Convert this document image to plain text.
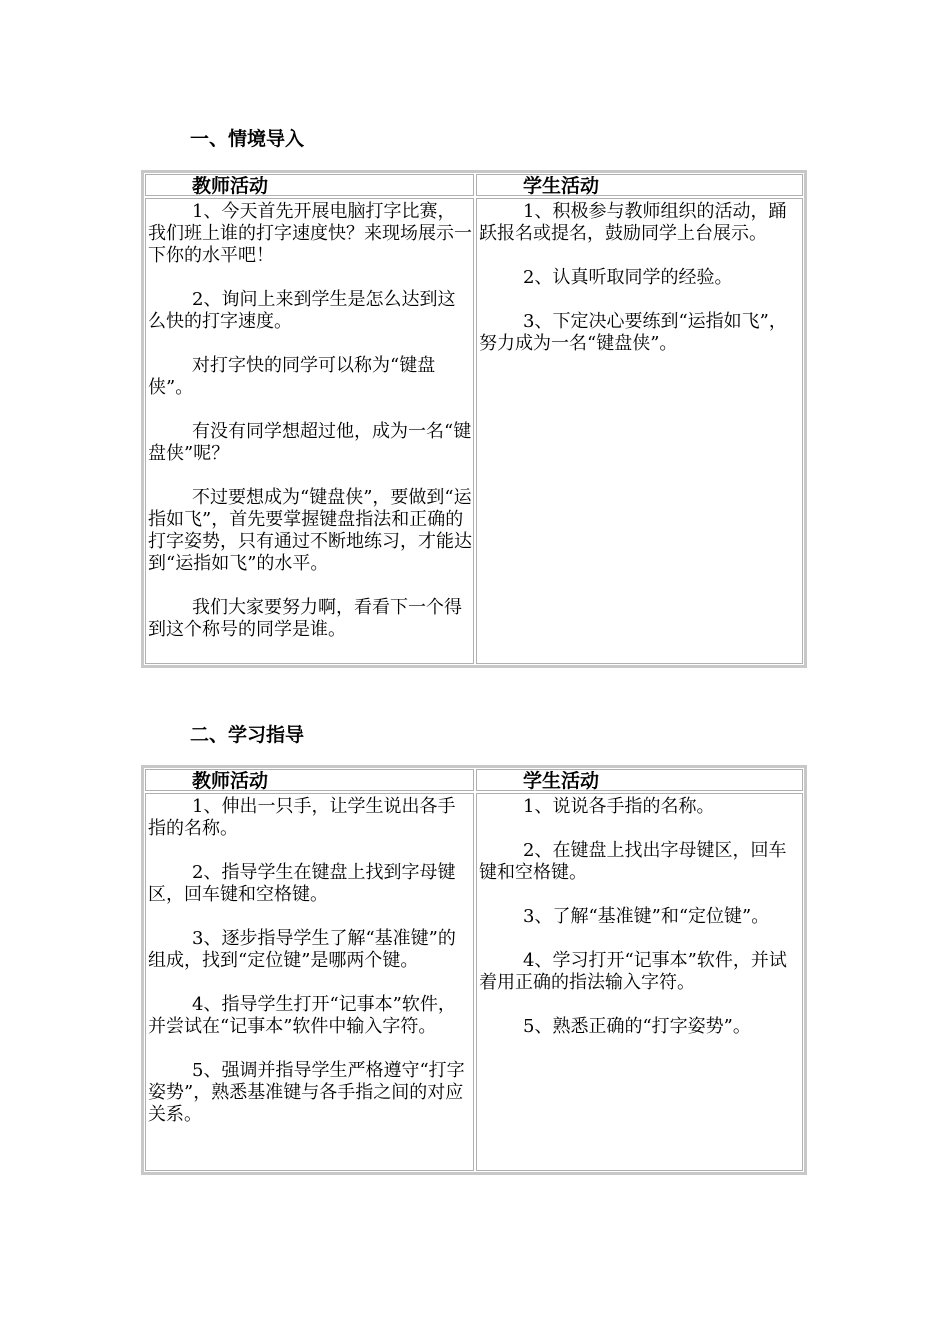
一、情境导入
教师活动	学生活动

1、今天首先开展电脑打字比赛，我们班上谁的打字速度快？来现场展示一下你的水平吧！

2、询问上来到学生是怎么达到这么快的打字速度。

对打字快的同学可以称为“键盘侠”。

有没有同学想超过他，成为一名“键盘侠”呢？

不过要想成为“键盘侠”，要做到“运指如飞”，首先要掌握键盘指法和正确的打字姿势，只有通过不断地练习，才能达到“运指如飞”的水平。

我们大家要努力啊，看看下一个得到这个称号的同学是谁。

1、积极参与教师组织的活动，踊跃报名或提名，鼓励同学上台展示。

2、认真听取同学的经验。

3、下定决心要练到“运指如飞”，努力成为一名“键盘侠”。

二、学习指导
教师活动	学生活动

1、伸出一只手，让学生说出各手指的名称。

2、指导学生在键盘上找到字母键区，回车键和空格键。

3、逐步指导学生了解“基准键”的组成，找到“定位键”是哪两个键。

4、指导学生打开“记事本”软件，并尝试在“记事本”软件中输入字符。

5、强调并指导学生严格遵守“打字姿势”，熟悉基准键与各手指之间的对应关系。

1、说说各手指的名称。

2、在键盘上找出字母键区，回车键和空格键。

3、了解“基准键”和“定位键”。

4、学习打开“记事本”软件，并试着用正确的指法输入字符。

5、熟悉正确的“打字姿势”。
